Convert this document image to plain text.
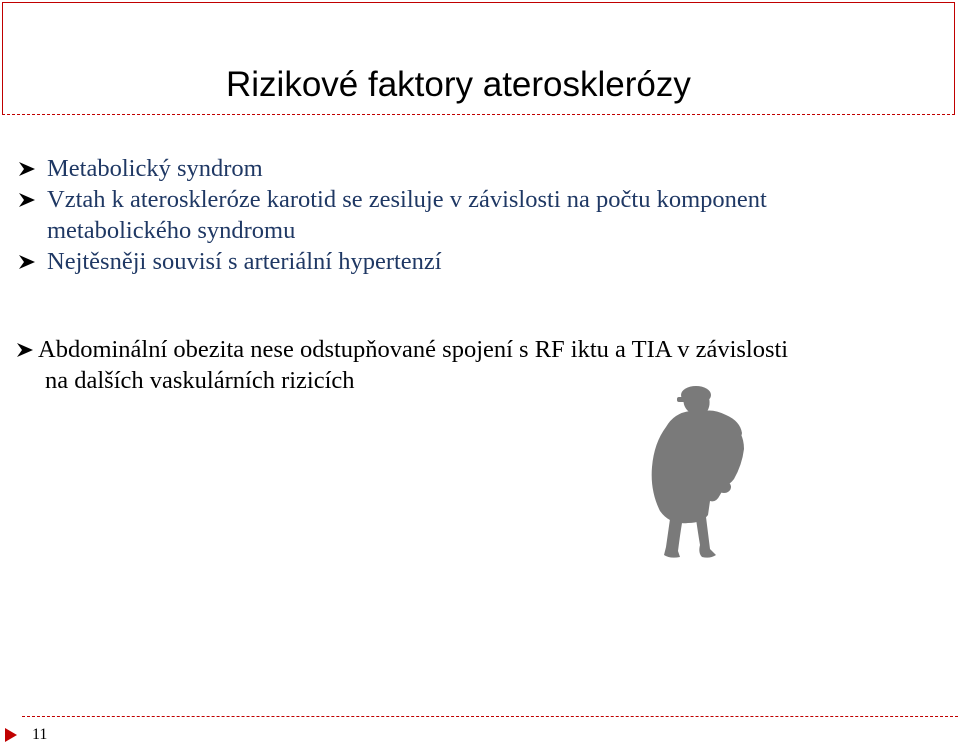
Rizikové faktory aterosklerózy
Metabolický syndrom
Vztah k ateroskleróze karotid se zesiluje v závislosti na počtu komponent
metabolického syndromu
Nejtěsněji souvisí s arteriální hypertenzí
Abdominální obezita nese odstupňované spojení s RF iktu a TIA v závislosti
na dalších vaskulárních rizicích
11
